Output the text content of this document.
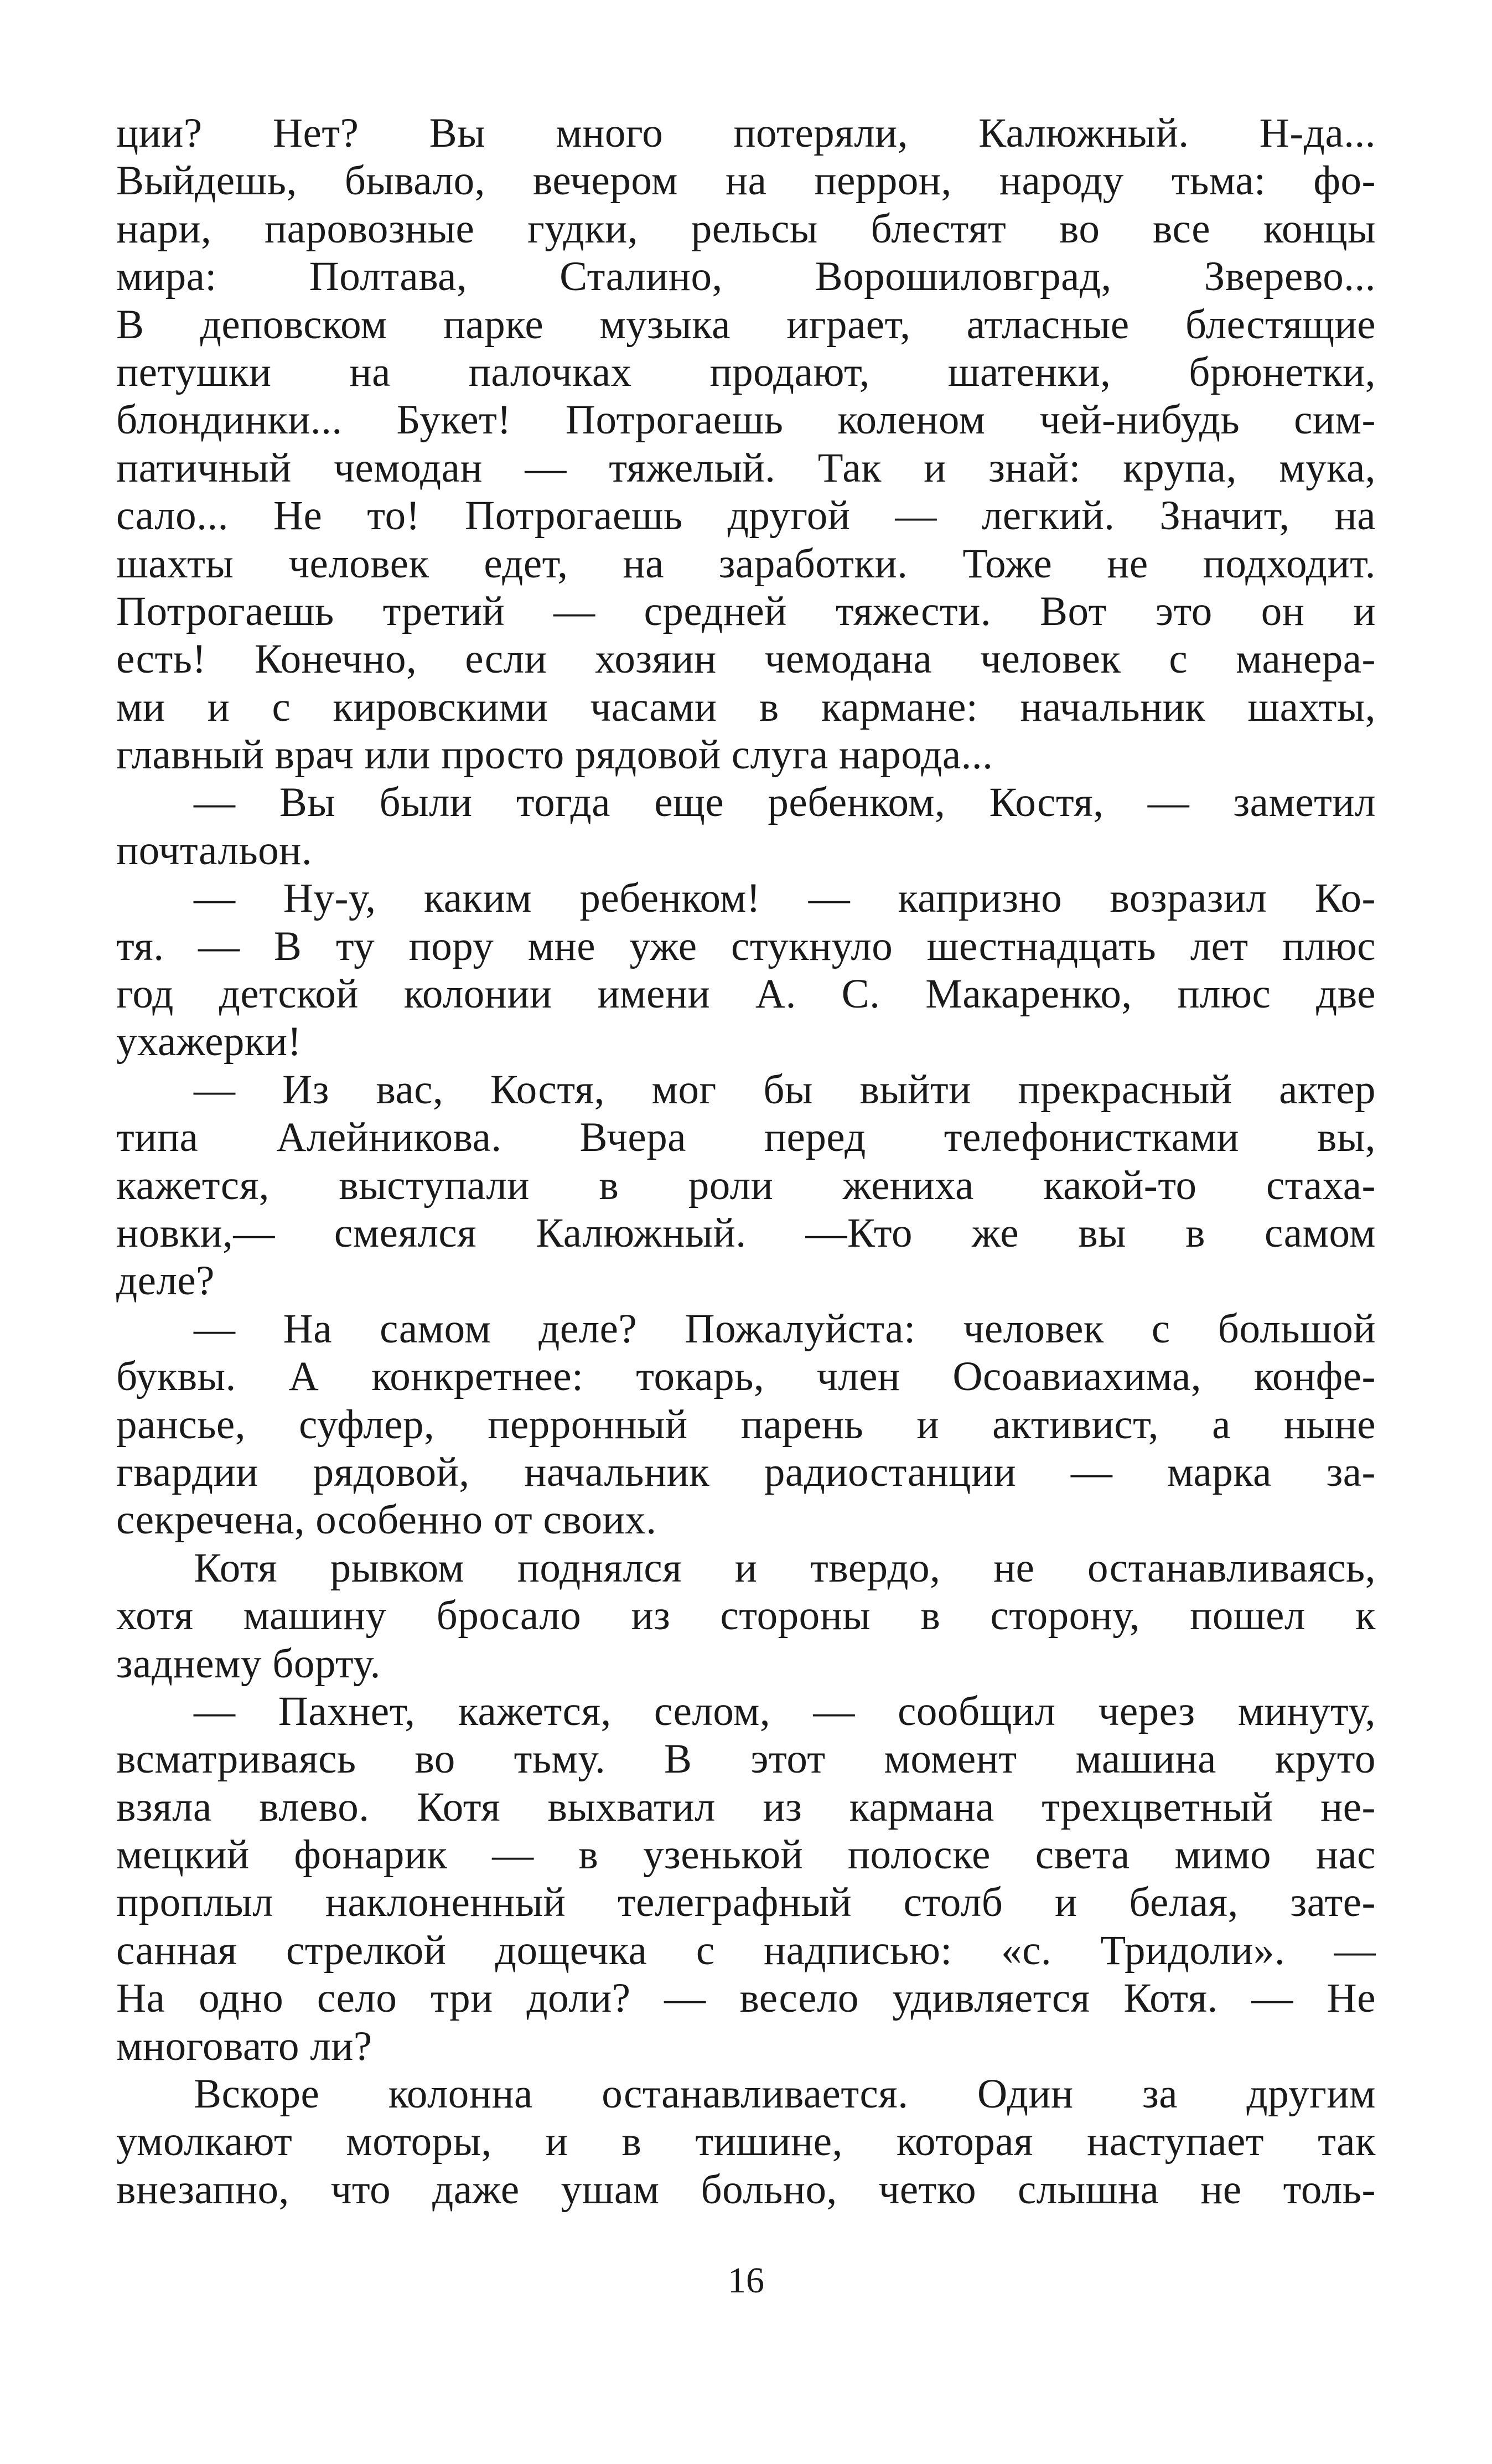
ции? Нет? Вы много потеряли, Калюжный. Н-да...
Выйдешь, бывало, вечером на перрон, народу тьма: фо-
нари, паровозные гудки, рельсы блестят во все концы
мира: Полтава, Сталино, Ворошиловград, Зверево...
В деповском парке музыка играет, атласные блестящие
петушки на палочках продают, шатенки, брюнетки,
блондинки... Букет! Потрогаешь коленом чей-нибудь сим-
патичный чемодан — тяжелый. Так и знай: крупа, мука,
сало... Не то! Потрогаешь другой — легкий. Значит, на
шахты человек едет, на заработки. Тоже не подходит.
Потрогаешь третий — средней тяжести. Вот это он и
есть! Конечно, если хозяин чемодана человек с манера-
ми и с кировскими часами в кармане: начальник шахты,
главный врач или просто рядовой слуга народа...
— Вы были тогда еще ребенком, Костя, — заметил
почтальон.
— Ну-у, каким ребенком! — капризно возразил Ко-
тя. — В ту пору мне уже стукнуло шестнадцать лет плюс
год детской колонии имени А. С. Макаренко, плюс две
ухажерки!
— Из вас, Костя, мог бы выйти прекрасный актер
типа Алейникова. Вчера перед телефонистками вы,
кажется, выступали в роли жениха какой-то стаха-
новки,— смеялся Калюжный. —Кто же вы в самом
деле?
— На самом деле? Пожалуйста: человек с большой
буквы. А конкретнее: токарь, член Осоавиахима, конфе-
рансье, суфлер, перронный парень и активист, а ныне
гвардии рядовой, начальник радиостанции — марка за-
секречена, особенно от своих.
Котя рывком поднялся и твердо, не останавливаясь,
хотя машину бросало из стороны в сторону, пошел к
заднему борту.
— Пахнет, кажется, селом, — сообщил через минуту,
всматриваясь во тьму. В этот момент машина круто
взяла влево. Котя выхватил из кармана трехцветный не-
мецкий фонарик — в узенькой полоске света мимо нас
проплыл наклоненный телеграфный столб и белая, зате-
санная стрелкой дощечка с надписью: «с. Тридоли». —
На одно село три доли? — весело удивляется Котя. — Не
многовато ли?
Вскоре колонна останавливается. Один за другим
умолкают моторы, и в тишине, которая наступает так
внезапно, что даже ушам больно, четко слышна не толь-
16
